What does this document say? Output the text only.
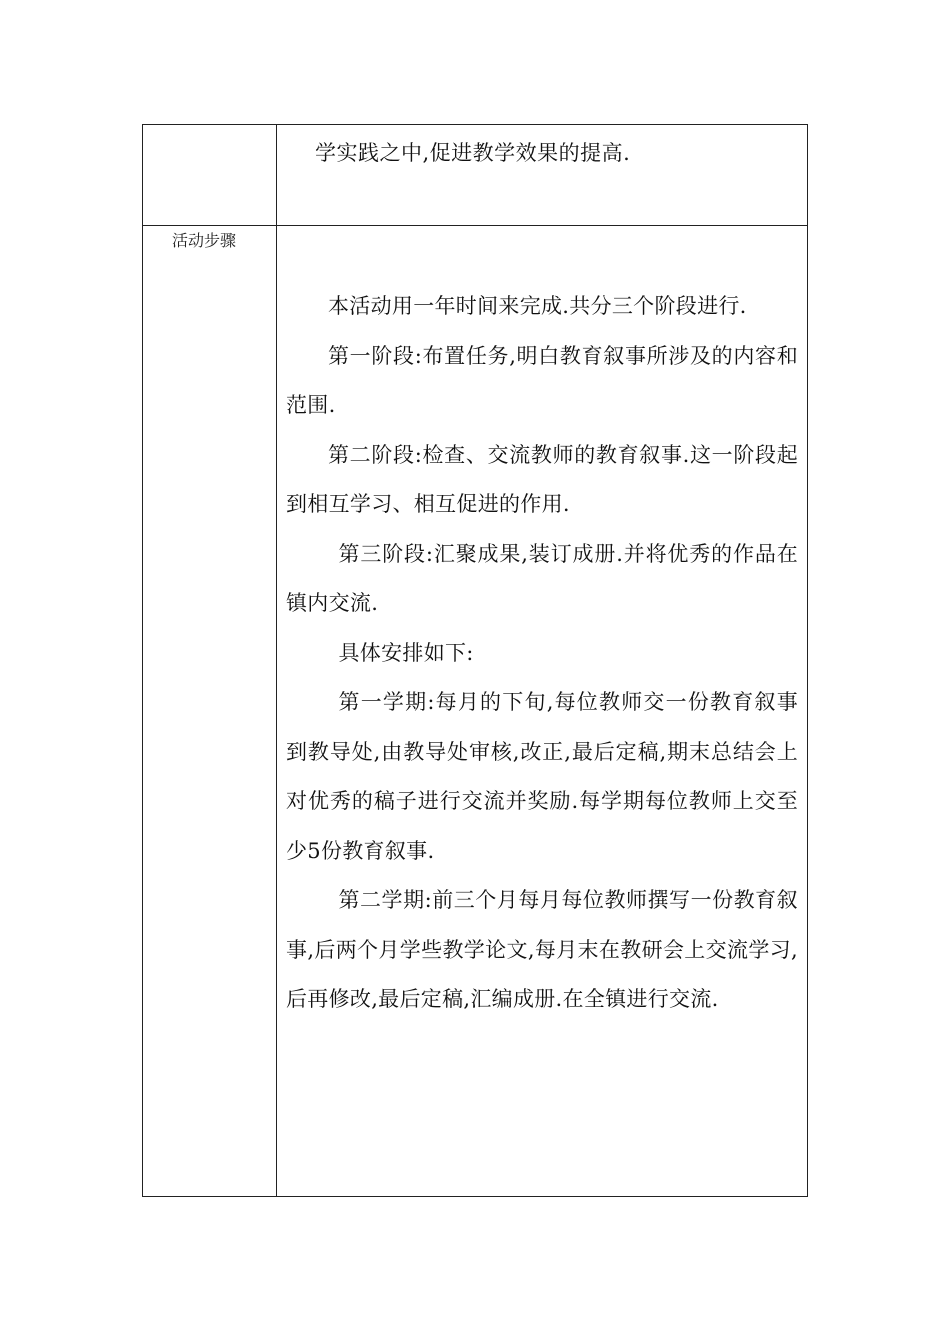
学实践之中,促进教学效果的提高.
活动步骤

本活动用一年时间来完成.共分三个阶段进行.

第一阶段:布置任务,明白教育叙事所涉及的内容和范围.

第二阶段:检查、交流教师的教育叙事.这一阶段起到相互学习、相互促进的作用.

第三阶段:汇聚成果,装订成册.并将优秀的作品在镇内交流.

具体安排如下:

第一学期:每月的下旬,每位教师交一份教育叙事到教导处,由教导处审核,改正,最后定稿,期末总结会上对优秀的稿子进行交流并奖励.每学期每位教师上交至少5份教育叙事.

第二学期:前三个月每月每位教师撰写一份教育叙事,后两个月学些教学论文,每月末在教研会上交流学习,后再修改,最后定稿,汇编成册.在全镇进行交流.
